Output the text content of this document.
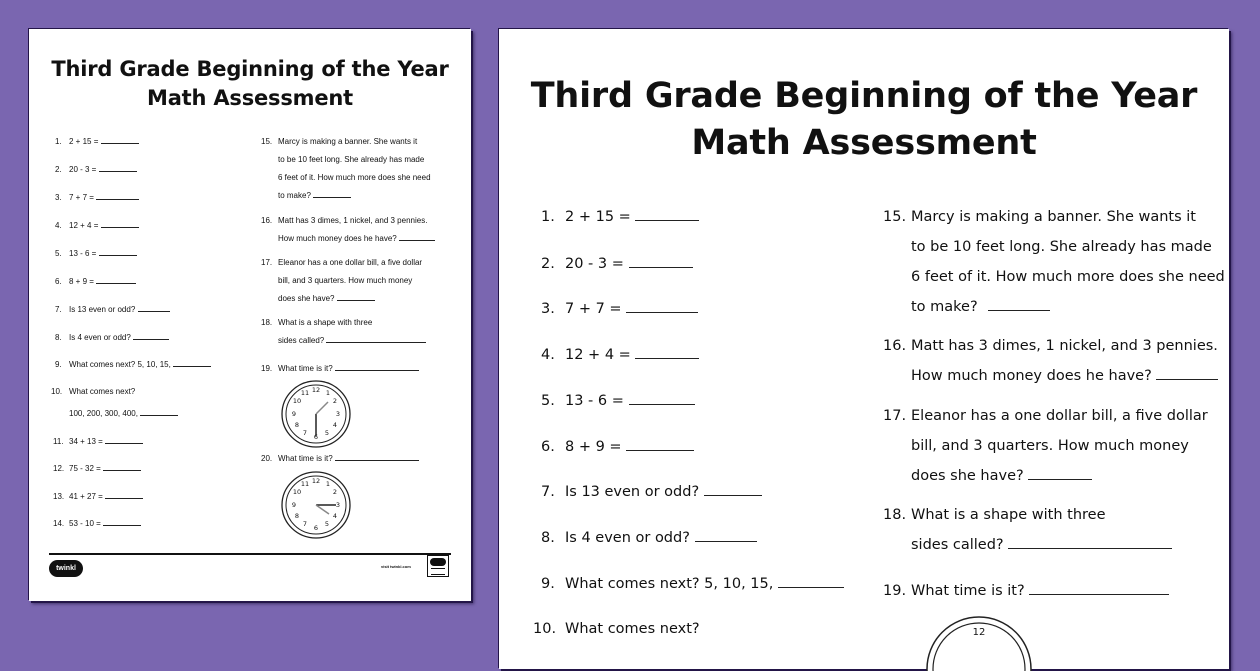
Third Grade Beginning of the Year
Math Assessment
1. 2 + 15 =
2. 20 - 3 =
3. 7 + 7 =
4. 12 + 4 =
5. 13 - 6 =
6. 8 + 9 =
7. Is 13 even or odd?
8. Is 4 even or odd?
9. What comes next? 5, 10, 15,
10. What comes next?
100, 200, 300, 400,
11. 34 + 13 =
12. 75 - 32 =
13. 41 + 27 =
14. 53 - 10 =
15. Marcy is making a banner. She wants it
to be 10 feet long. She already has made
6 feet of it. How much more does she need
to make?
16. Matt has 3 dimes, 1 nickel, and 3 pennies.
How much money does he have?
17. Eleanor has a one dollar bill, a five dollar
bill, and 3 quarters. How much money
does she have?
18. What is a shape with three
sides called?
19. What time is it?
12 1
2
3
4
5
6
7
8
9
10
11
20. What time is it?
12 1
2
3
4
5
6
7
8
9
10
11
twinkl	visit twinkl.com
Third Grade Beginning of the Year
Math Assessment
1. 2 + 15 =
2. 20 - 3 =
3. 7 + 7 =
4. 12 + 4 =
5. 13 - 6 =
6. 8 + 9 =
7. Is 13 even or odd?
8. Is 4 even or odd?
9. What comes next? 5, 10, 15,
10. What comes next?
15. Marcy is making a banner. She wants it
to be 10 feet long. She already has made
6 feet of it. How much more does she need
to make?
16. Matt has 3 dimes, 1 nickel, and 3 pennies.
How much money does he have?
17. Eleanor has a one dollar bill, a five dollar
bill, and 3 quarters. How much money
does she have?
18. What is a shape with three
sides called?
19. What time is it?
12
